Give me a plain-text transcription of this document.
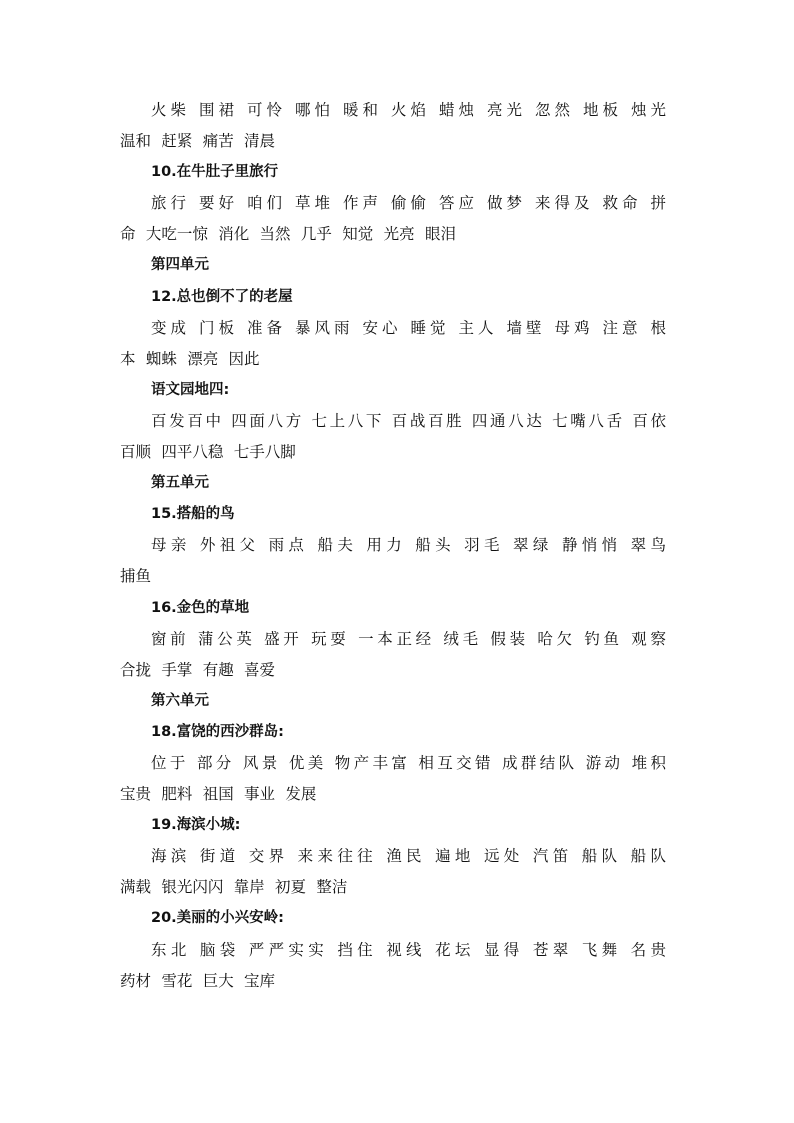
火柴 围裙 可怜 哪怕 暖和 火焰 蜡烛 亮光 忽然 地板 烛光
温和 赶紧 痛苦 清晨
10.在牛肚子里旅行
旅行 要好 咱们 草堆 作声 偷偷 答应 做梦 来得及 救命 拼
命 大吃一惊 消化 当然 几乎 知觉 光亮 眼泪
第四单元
12.总也倒不了的老屋
变成 门板 准备 暴风雨 安心 睡觉 主人 墙壁 母鸡 注意 根
本 蜘蛛 漂亮 因此
语文园地四:
百发百中 四面八方 七上八下 百战百胜 四通八达 七嘴八舌 百依
百顺 四平八稳 七手八脚
第五单元
15.搭船的鸟
母亲 外祖父 雨点 船夫 用力 船头 羽毛 翠绿 静悄悄 翠鸟
捕鱼
16.金色的草地
窗前 蒲公英 盛开 玩耍 一本正经 绒毛 假装 哈欠 钓鱼 观察
合拢 手掌 有趣 喜爱
第六单元
18.富饶的西沙群岛:
位于 部分 风景 优美 物产丰富 相互交错 成群结队 游动 堆积
宝贵 肥料 祖国 事业 发展
19.海滨小城:
海滨 街道 交界 来来往往 渔民 遍地 远处 汽笛 船队 船队
满载 银光闪闪 靠岸 初夏 整洁
20.美丽的小兴安岭:
东北 脑袋 严严实实 挡住 视线 花坛 显得 苍翠 飞舞 名贵
药材 雪花 巨大 宝库
